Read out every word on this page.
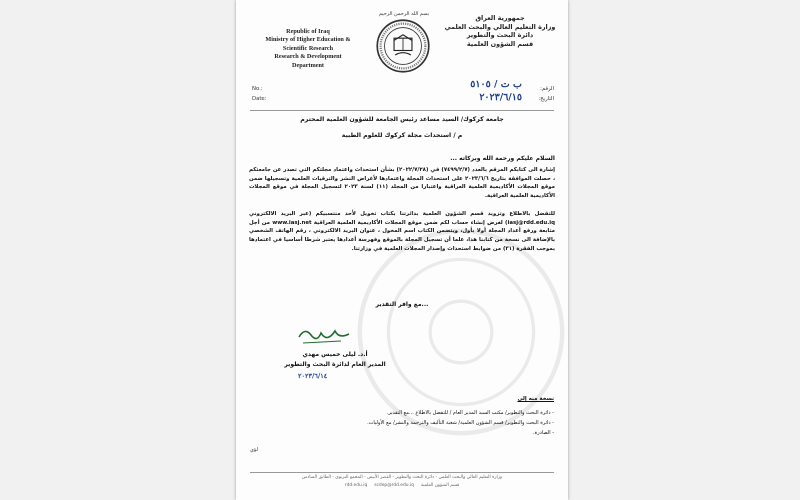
بسم الله الرحمن الرحيم
Republic of Iraq
Ministry of Higher Education &
Scientific Research
Research & Development
Department
جمهورية العراق
وزارة التعليم العالي والبحث العلمي
دائرة البحث والتطوير
قسم الشؤون العلمية
No.:
Date:
الرقم:
التاريخ:
ب ت / ٥١٠٥
٢٠٢٣/٦/١٥
جامعة كركوك/ السيد مساعد رئيس الجامعة للشؤون العلمية المحترم
م / استحداث مجلة كركوك للعلوم الطبية
السلام عليكم ورحمة الله وبركاته ...
إشارة الى كتابكم المرقم بالعدد (٧٤٩٩/٢/٧) في (٢٠٢٢/٧/٢٨) بشأن استحداث واعتماد مجلتكم التي تصدر عن جامعتكم ، حصلت الموافقة بتاريخ ٢٠٢٣/٦/٦ على استحداث المجلة واعتمادها لأغراض النشر والترقيات العلمية وتسجيلها ضمن موقع المجلات الأكاديمية العلمية العراقية واعتبارا من المجلد (١١) لسنة ٢٠٢٣ لتسجيل المجلة في موقع المجلات الأكاديمية العلمية العراقية.
للتفضل بالاطلاع وتزويد قسم الشؤون العلمية بدائرتنا بكتاب تخويل لأحد منتسبيكم (عبر البريد الالكتروني iasj@rdd.edu.iq) لغرض إنشاء حساب لكم ضمن موقع المجلات الأكاديمية العلمية العراقية www.iasj.net من أجل متابعة ورفع أعداد المجلة أولا بأول، ويتضمن الكتاب اسم المخول ، عنوان البريد الالكتروني ، رقم الهاتف الشخصي بالإضافة الى نسخة من كتابنا هذا، علما أن تسجيل المجلة بالموقع وفهرسة أعدادها يعتبر شرطا أساسيا في اعتمادها بموجب الفقرة (٣١) من ضوابط استحداث وإصدار المجلات العلمية في وزارتنا.
...مع وافر التقدير
أ.د. ليلى خميس مهدي
المدير العام لدائرة البحث والتطوير
٢٠٢٣/٦/١٤
نسخة منه إلى
- دائرة البحث والتطوير/ مكتب السيد المدير العام / للتفضل بالاطلاع ...مع التقدير.
- دائرة البحث والتطوير/ قسم الشؤون العلمية/ شعبة التأليف والترجمة والنشر/ مع الأوليات.
- الصادرة.
لؤي
وزارة التعليم العالي والبحث العلمي - دائرة البحث والتطوير - القصر الأبيض - المجمع التربوي - الطابق السادس
rdd.edu.iq scdep@rdd.edu.iq قسم الشؤون العلمية
